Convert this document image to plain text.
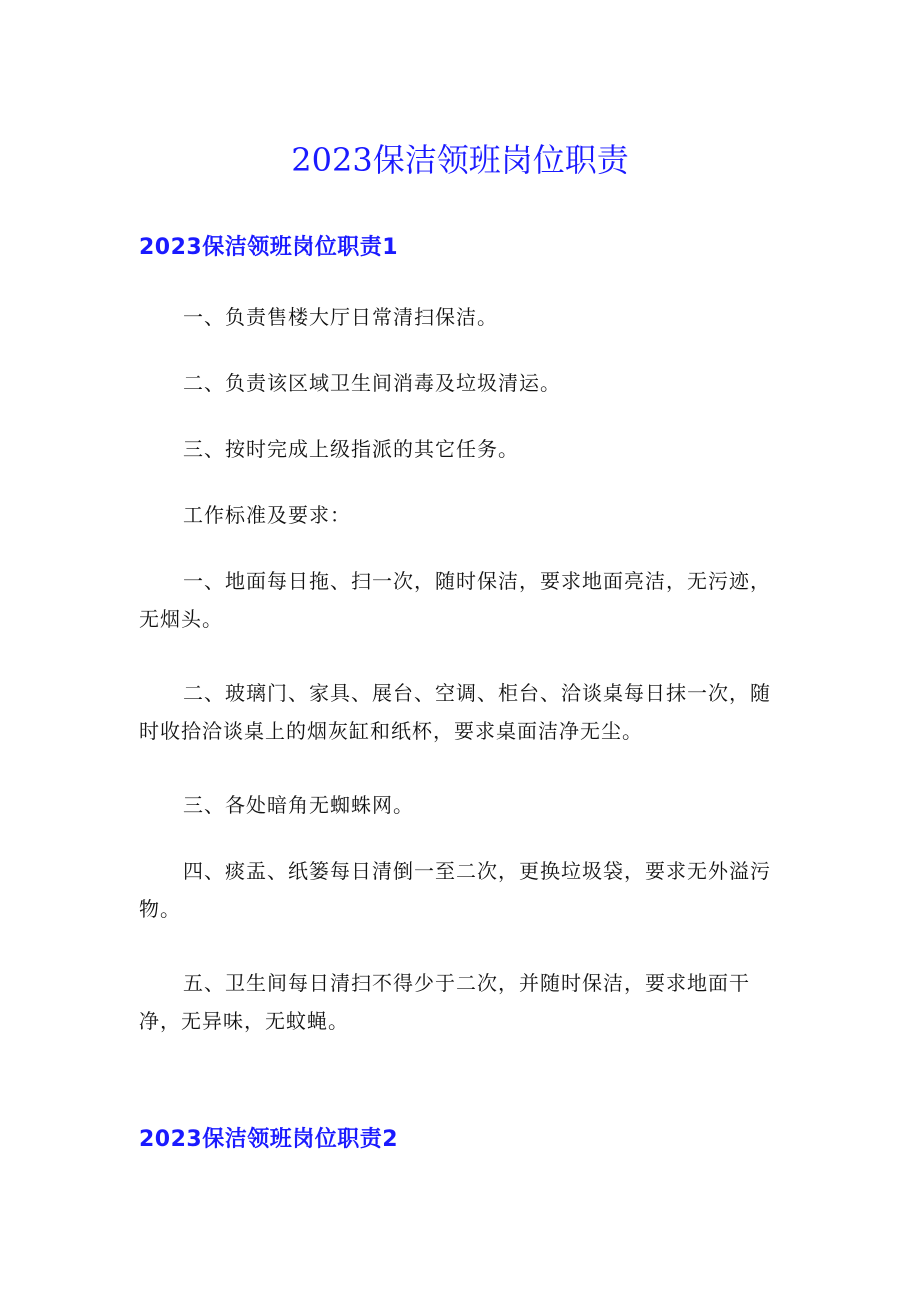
2023保洁领班岗位职责
2023保洁领班岗位职责1

一、负责售楼大厅日常清扫保洁。

二、负责该区域卫生间消毒及垃圾清运。

三、按时完成上级指派的其它任务。

工作标准及要求：

一、地面每日拖、扫一次，随时保洁，要求地面亮洁，无污迹，无烟头。

二、玻璃门、家具、展台、空调、柜台、洽谈桌每日抹一次，随时收拾洽谈桌上的烟灰缸和纸杯，要求桌面洁净无尘。

三、各处暗角无蜘蛛网。

四、痰盂、纸篓每日清倒一至二次，更换垃圾袋，要求无外溢污物。

五、卫生间每日清扫不得少于二次，并随时保洁，要求地面干净，无异味，无蚊蝇。

2023保洁领班岗位职责2
